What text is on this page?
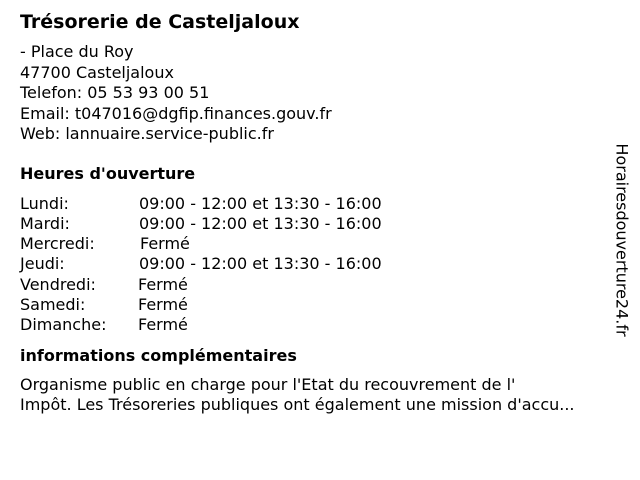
Trésorerie de Casteljaloux
- Place du Roy
47700 Casteljaloux
Telefon: 05 53 93 00 51
Email: t047016@dgfip.finances.gouv.fr
Web: lannuaire.service-public.fr
Heures d'ouverture
Lundi:	09:00 - 12:00 et 13:30 - 16:00
Mardi:	09:00 - 12:00 et 13:30 - 16:00
Mercredi:	Fermé
Jeudi:	09:00 - 12:00 et 13:30 - 16:00
Vendredi:	Fermé
Samedi:	Fermé
Dimanche:	Fermé
informations complémentaires
Organisme public en charge pour l'Etat du recouvrement de l'
Impôt. Les Trésoreries publiques ont également une mission d'accu...
Horairesdouverture24.fr
